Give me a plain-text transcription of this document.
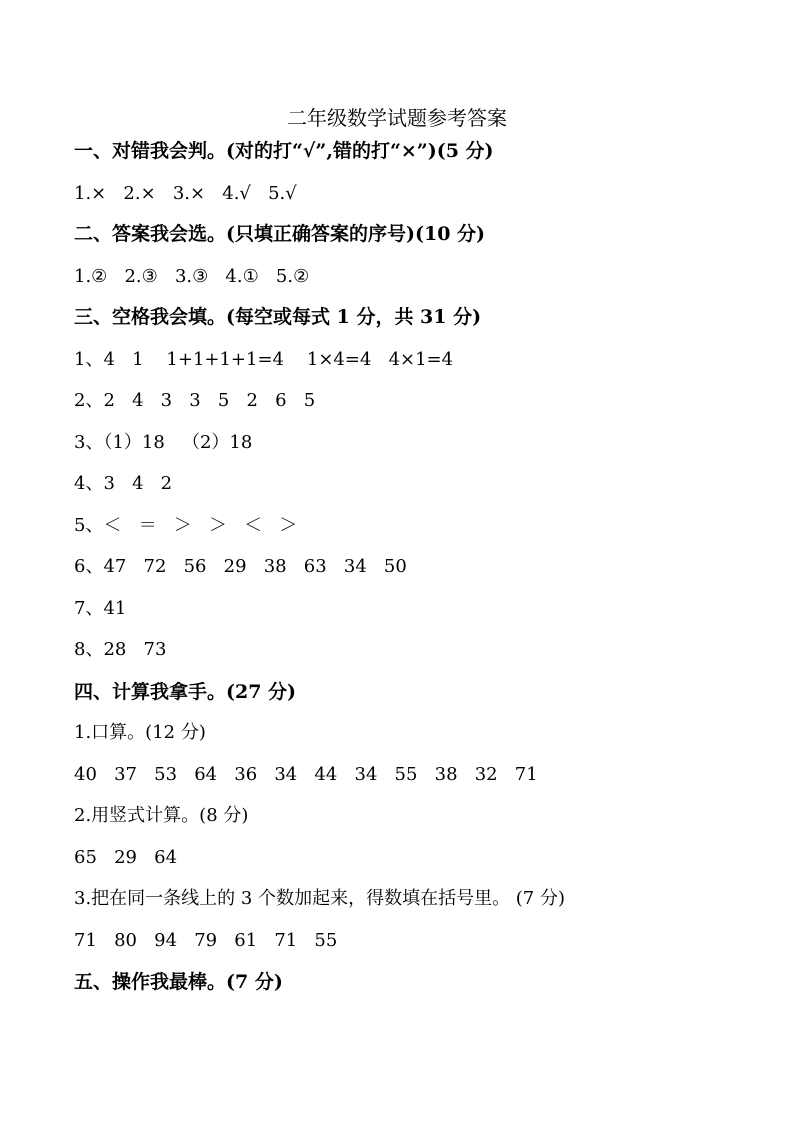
二年级数学试题参考答案
一、对错我会判。(对的打“√”,错的打“×”)(5 分)
1.×   2.×   3.×   4.√   5.√
二、答案我会选。(只填正确答案的序号)(10 分)
1.②   2.③   3.③   4.①   5.②
三、空格我会填。(每空或每式 1 分，共 31 分)
1、4   1    1+1+1+1=4    1×4=4   4×1=4
2、2   4   3   3   5   2   6   5
3、（1）18   （2）18
4、3   4   2
5、＜   ＝   ＞   ＞   ＜   ＞
6、47   72   56   29   38   63   34   50
7、41
8、28   73
四、计算我拿手。(27 分)
1.口算。(12 分)
40   37   53   64   36   34   44   34   55   38   32   71
2.用竖式计算。(8 分)
65   29   64
3.把在同一条线上的 3 个数加起来，得数填在括号里。 (7 分)
71   80   94   79   61   71   55
五、操作我最棒。(7 分)
